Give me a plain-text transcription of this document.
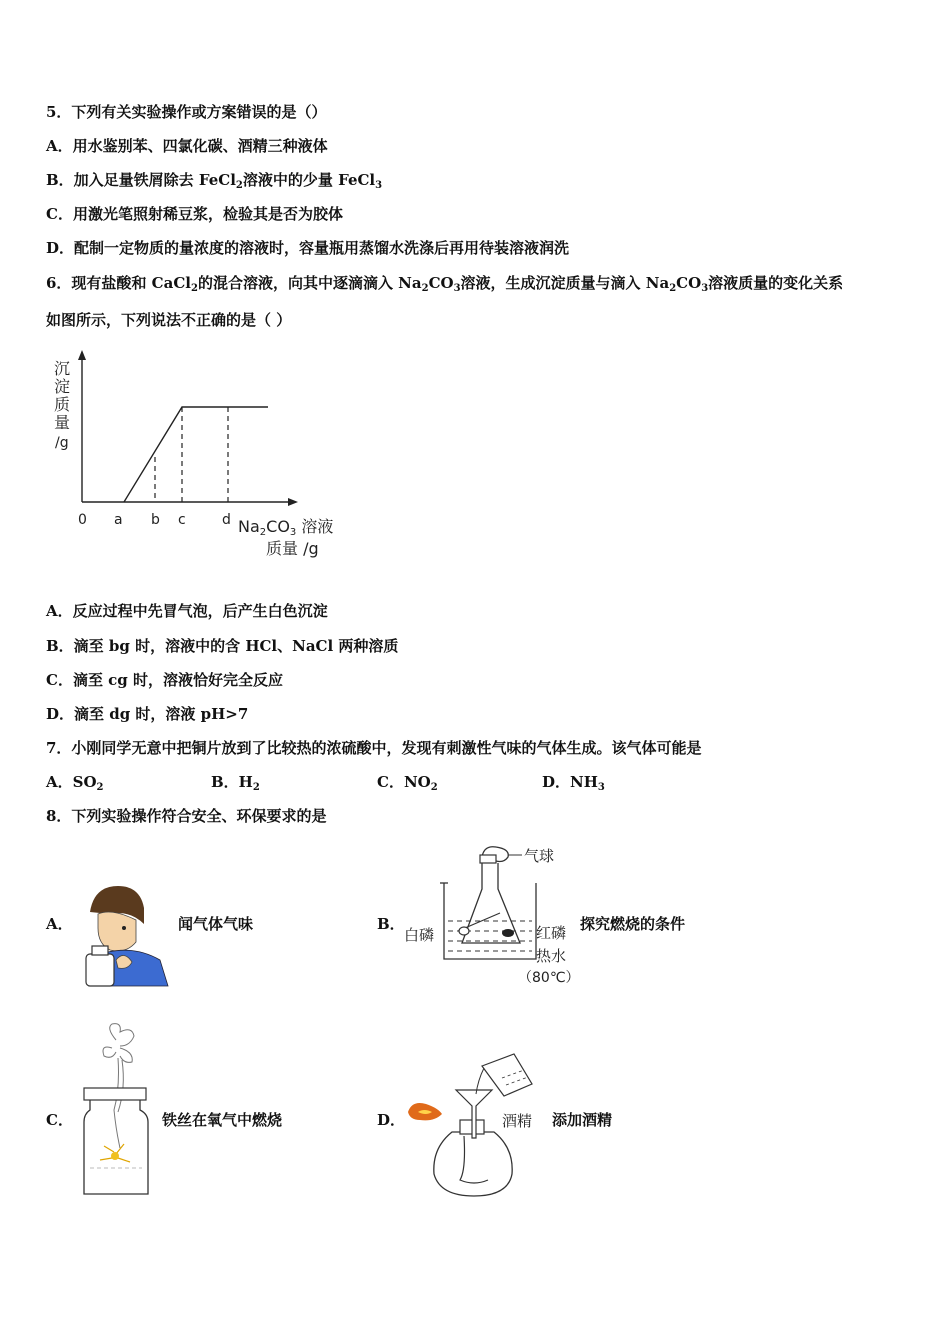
5．下列有关实验操作或方案错误的是（）
A．用水鉴别苯、四氯化碳、酒精三种液体
B．加入足量铁屑除去 FeCl$_2$溶液中的少量 FeCl$_3$
C．用激光笔照射稀豆浆，检验其是否为胶体
D．配制一定物质的量浓度的溶液时，容量瓶用蒸馏水洗涤后再用待装溶液润洗
6．现有盐酸和 CaCl$_2$的混合溶液，向其中逐滴滴入 $Na_2CO_3$溶液，生成沉淀质量与滴入 $Na_2CO_3$溶液质量的变化关系
如图所示，下列说法不正确的是（ ）
沉
淀
质
量
/g
0 a b c	d Na2CO3 溶液
质量 /g
A．反应过程中先冒气泡，后产生白色沉淀
B．滴至 bg 时，溶液中的含 HCl、NaCl 两种溶质
C．滴至 cg 时，溶液恰好完全反应
D．滴至 dg 时，溶液 pH>7
7．小刚同学无意中把铜片放到了比较热的浓硫酸中，发现有刺激性气味的气体生成。该气体可能是
A．$SO_2$	B．$H_2$	C．$NO_2$	D．$NH_3$
8．下列实验操作符合安全、环保要求的是
A．	闻气体气味	B．
气球
白磷	红磷
热水
（80℃）
探究燃烧的条件
C．	铁丝在氧气中燃烧	D．	酒精 添加酒精
